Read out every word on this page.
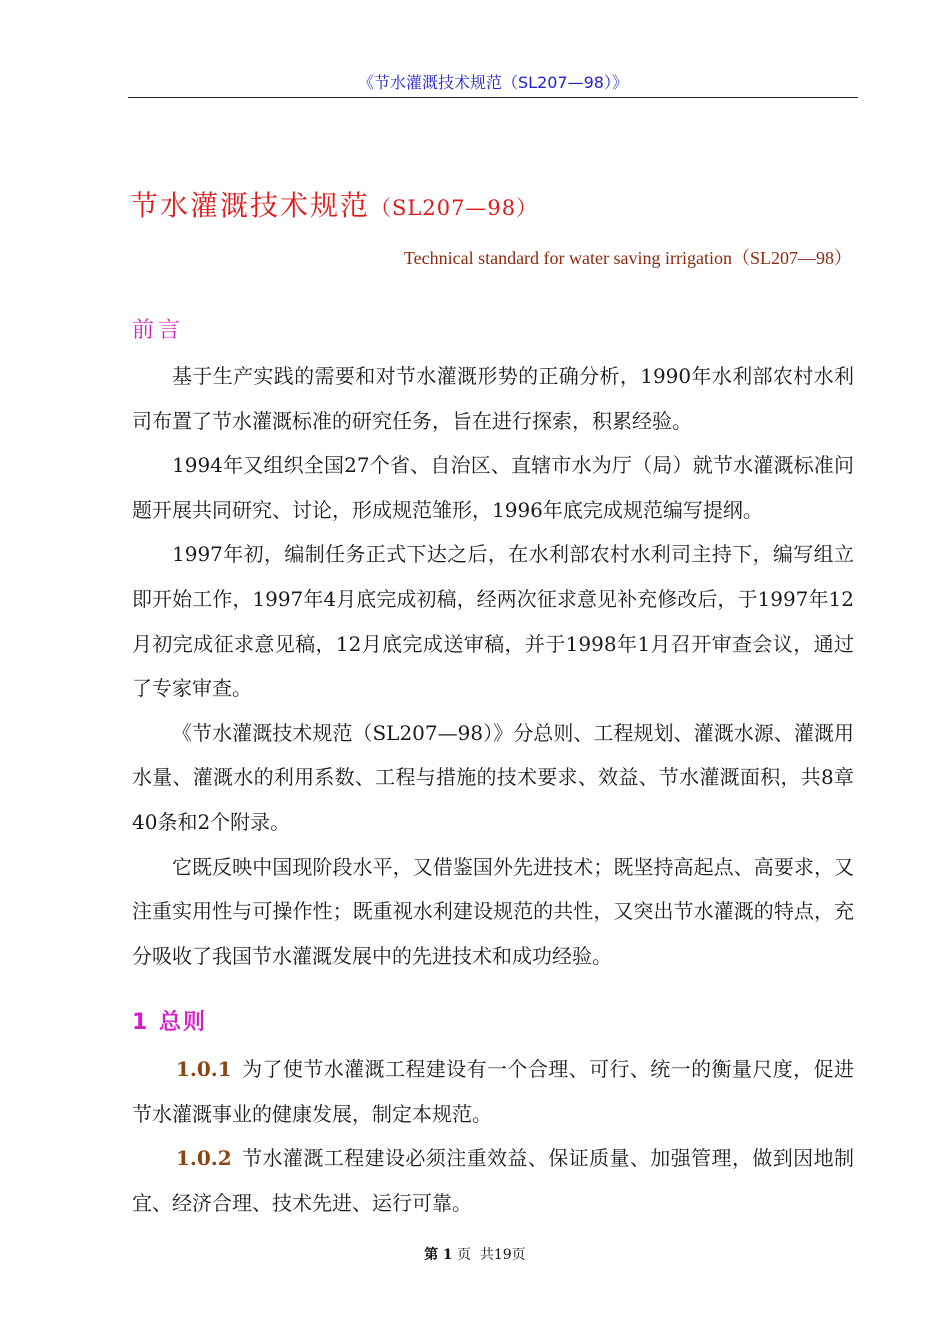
《节水灌溉技术规范（SL207—98）》
节水灌溉技术规范（SL207—98）
Technical standard for water saving irrigation（SL207—98）
前言

基于生产实践的需要和对节水灌溉形势的正确分析，1990年水利部农村水利司布置了节水灌溉标准的研究任务，旨在进行探索，积累经验。

1994年又组织全国27个省、自治区、直辖市水为厅（局）就节水灌溉标准问题开展共同研究、讨论，形成规范雏形，1996年底完成规范编写提纲。

1997年初，编制任务正式下达之后，在水利部农村水利司主持下，编写组立即开始工作，1997年4月底完成初稿，经两次征求意见补充修改后，于1997年12月初完成征求意见稿，12月底完成送审稿，并于1998年1月召开审查会议，通过了专家审查。

《节水灌溉技术规范（SL207—98）》分总则、工程规划、灌溉水源、灌溉用水量、灌溉水的利用系数、工程与措施的技术要求、效益、节水灌溉面积，共8章40条和2个附录。

它既反映中国现阶段水平，又借鉴国外先进技术；既坚持高起点、高要求，又注重实用性与可操作性；既重视水利建设规范的共性，又突出节水灌溉的特点，充分吸收了我国节水灌溉发展中的先进技术和成功经验。

1 总则

1.0.1 为了使节水灌溉工程建设有一个合理、可行、统一的衡量尺度，促进节水灌溉事业的健康发展，制定本规范。

1.0.2 节水灌溉工程建设必须注重效益、保证质量、加强管理，做到因地制宜、经济合理、技术先进、运行可靠。

第 1 页 共19页
